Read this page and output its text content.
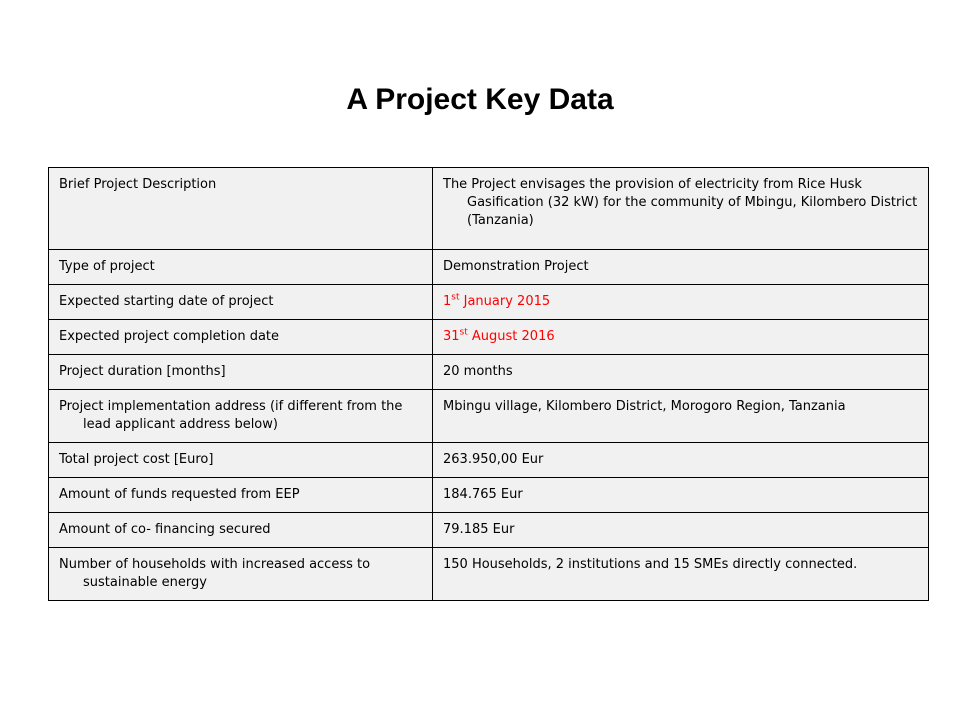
A Project Key Data
Brief Project Description	The Project envisages the provision of electricity from Rice Husk Gasification (32 kW) for the community of Mbingu, Kilombero District (Tanzania)

Type of project	Demonstration Project

Expected starting date of project	1st January 2015

Expected project completion date	31st August 2016

Project duration [months]	20 months

Project implementation address (if different from the lead applicant address below)	Mbingu village, Kilombero District, Morogoro Region, Tanzania

Total project cost [Euro]	263.950,00 Eur

Amount of funds requested from EEP	184.765 Eur

Amount of co- financing secured	79.185 Eur

Number of households with increased access to sustainable energy	150 Households, 2 institutions and 15 SMEs directly connected.
